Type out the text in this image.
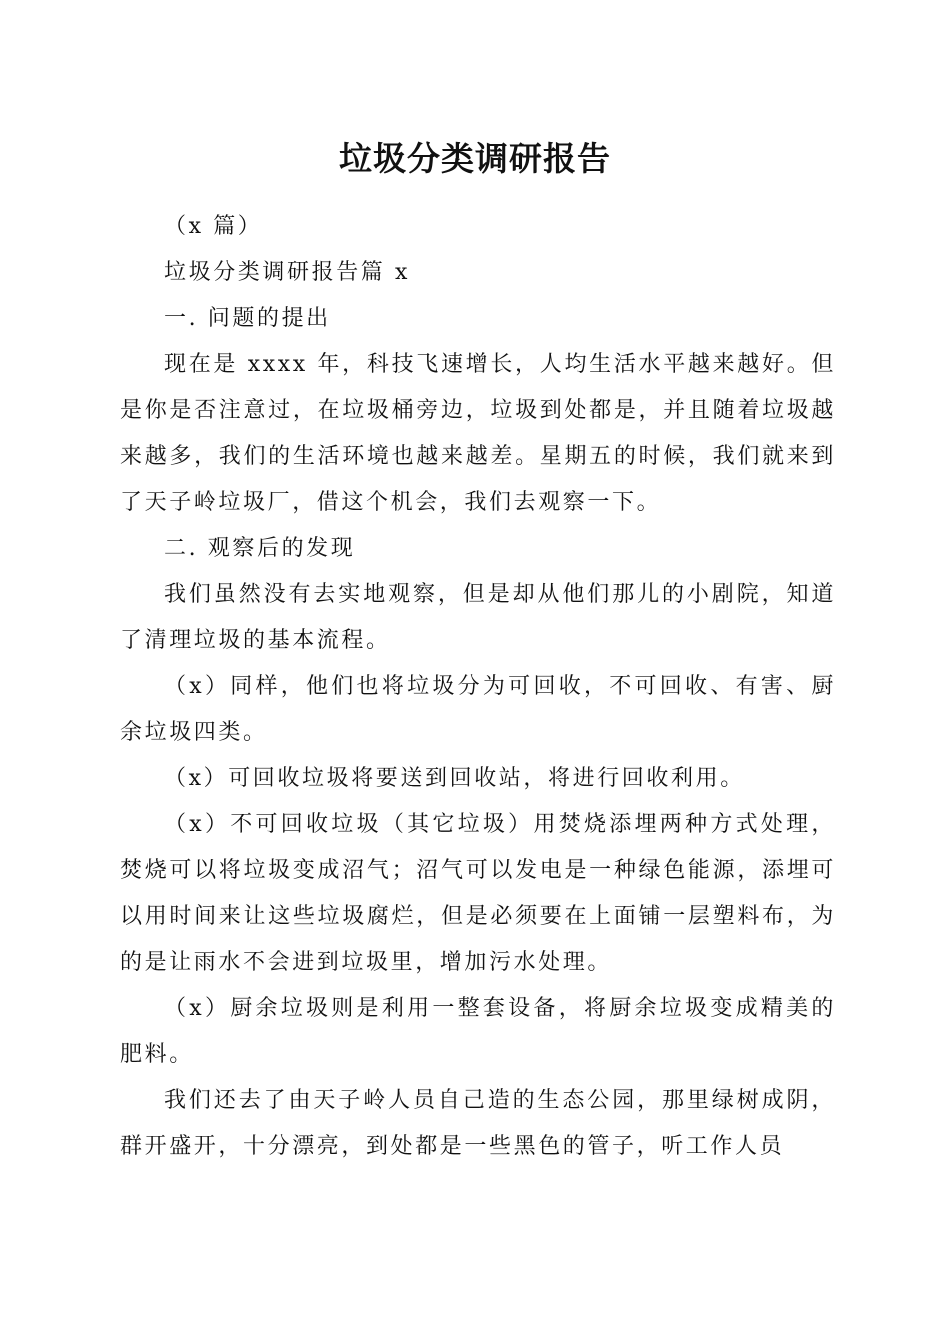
垃圾分类调研报告

（x 篇）

垃圾分类调研报告篇 x

一. 问题的提出

现在是 xxxx 年，科技飞速增长，人均生活水平越来越好。但是你是否注意过，在垃圾桶旁边，垃圾到处都是，并且随着垃圾越来越多，我们的生活环境也越来越差。星期五的时候，我们就来到了天子岭垃圾厂，借这个机会，我们去观察一下。

二. 观察后的发现

我们虽然没有去实地观察，但是却从他们那儿的小剧院，知道了清理垃圾的基本流程。

（x）同样，他们也将垃圾分为可回收，不可回收、有害、厨余垃圾四类。

（x）可回收垃圾将要送到回收站，将进行回收利用。

（x）不可回收垃圾（其它垃圾）用焚烧添埋两种方式处理，焚烧可以将垃圾变成沼气；沼气可以发电是一种绿色能源，添埋可以用时间来让这些垃圾腐烂，但是必须要在上面铺一层塑料布，为的是让雨水不会进到垃圾里，增加污水处理。

（x）厨余垃圾则是利用一整套设备，将厨余垃圾变成精美的肥料。

我们还去了由天子岭人员自己造的生态公园，那里绿树成阴，群开盛开，十分漂亮，到处都是一些黑色的管子，听工作人员
